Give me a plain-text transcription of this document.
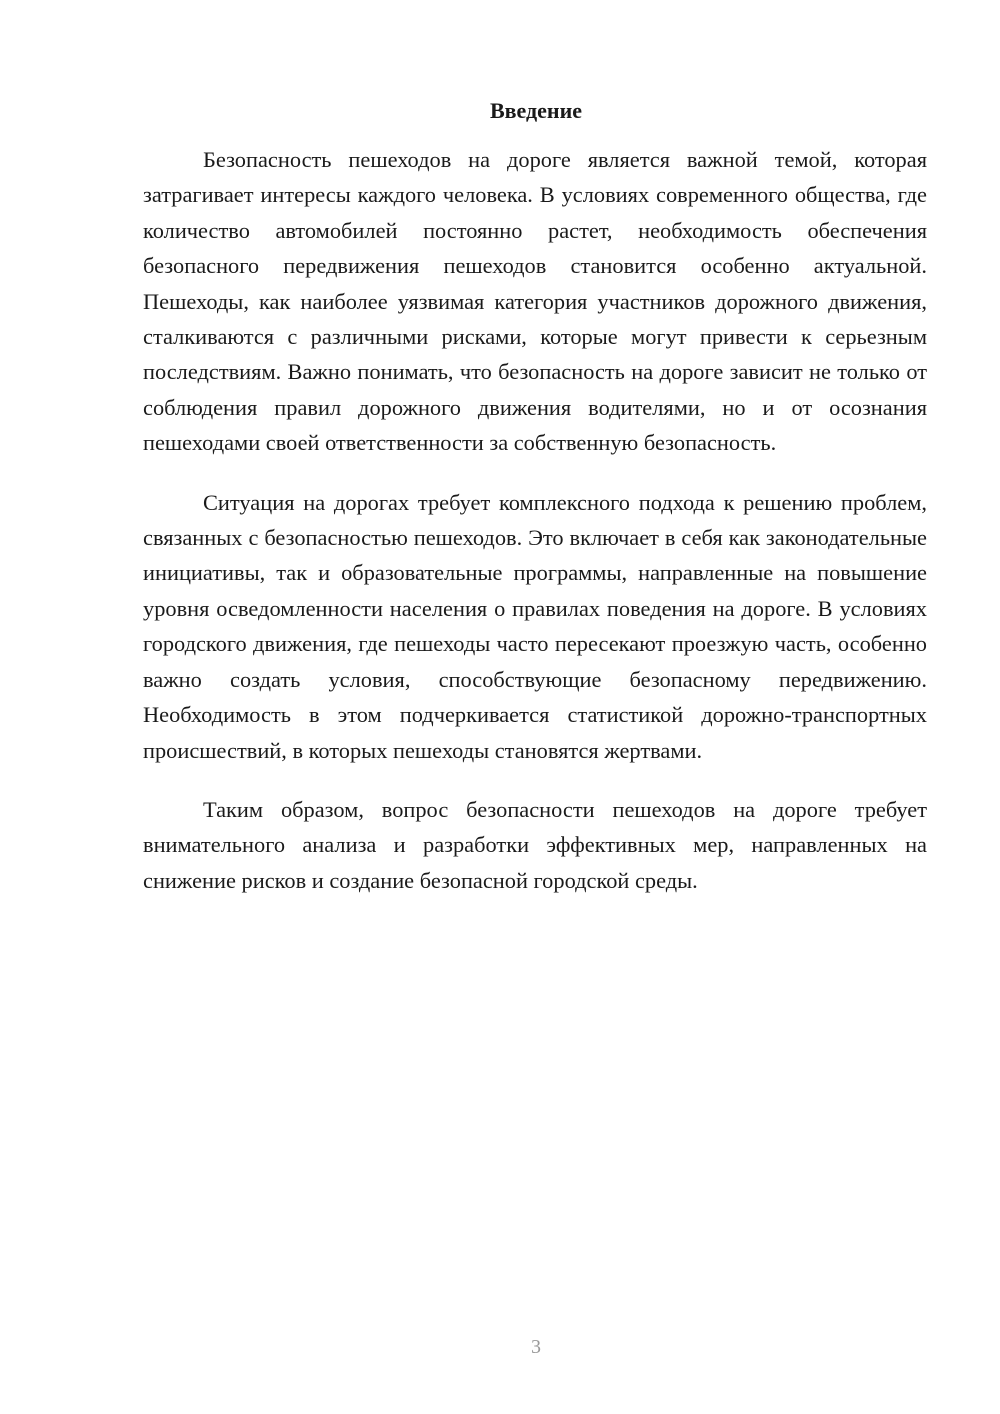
Введение

Безопасность пешеходов на дороге является важной темой, которая затрагивает интересы каждого человека. В условиях современного общества, где количество автомобилей постоянно растет, необходимость обеспечения безопасного передвижения пешеходов становится особенно актуальной. Пешеходы, как наиболее уязвимая категория участников дорожного движения, сталкиваются с различными рисками, которые могут привести к серьезным последствиям. Важно понимать, что безопасность на дороге зависит не только от соблюдения правил дорожного движения водителями, но и от осознания пешеходами своей ответственности за собственную безопасность.

Ситуация на дорогах требует комплексного подхода к решению проблем, связанных с безопасностью пешеходов. Это включает в себя как законодательные инициативы, так и образовательные программы, направленные на повышение уровня осведомленности населения о правилах поведения на дороге. В условиях городского движения, где пешеходы часто пересекают проезжую часть, особенно важно создать условия, способствующие безопасному передвижению. Необходимость в этом подчеркивается статистикой дорожно-транспортных происшествий, в которых пешеходы становятся жертвами.

Таким образом, вопрос безопасности пешеходов на дороге требует внимательного анализа и разработки эффективных мер, направленных на снижение рисков и создание безопасной городской среды.

3
